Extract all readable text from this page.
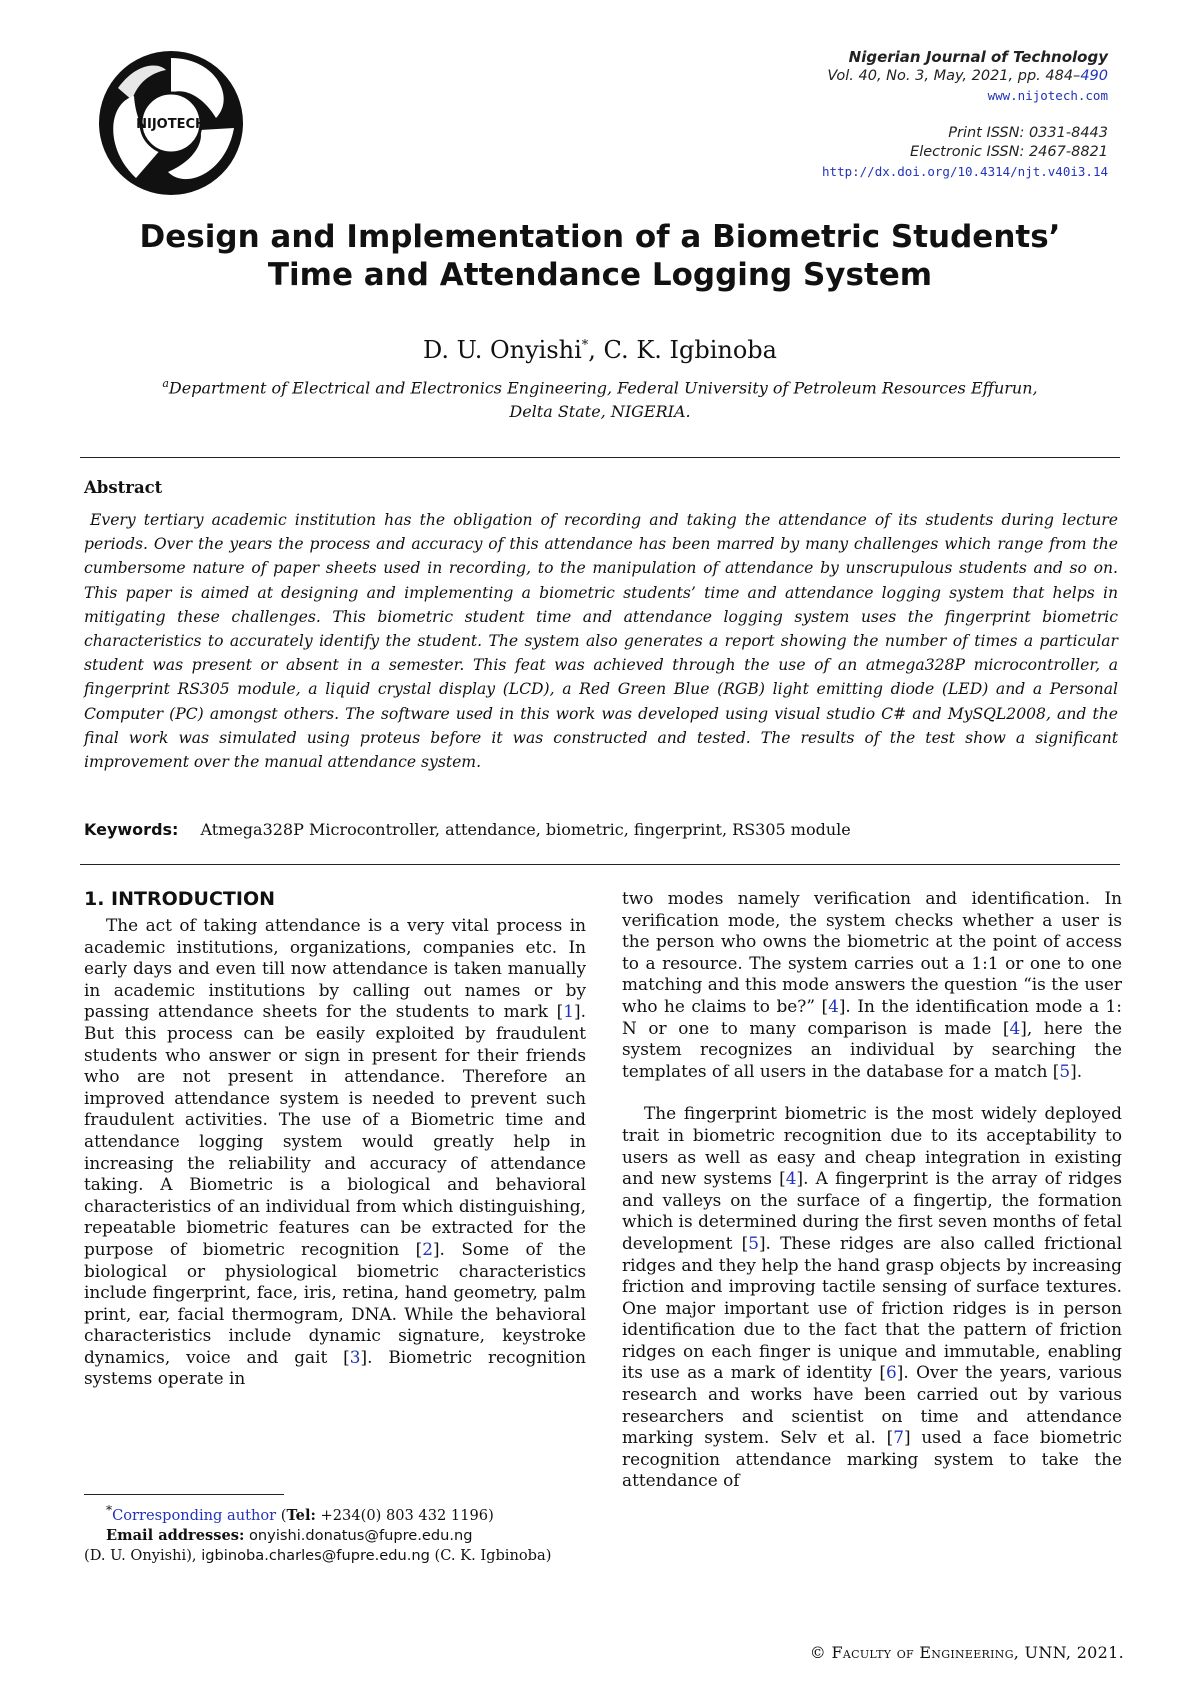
NIJOTECH
Nigerian Journal of Technology
Vol. 40, No. 3, May, 2021, pp. 484–490
www.nijotech.com
Print ISSN: 0331-8443
Electronic ISSN: 2467-8821
http://dx.doi.org/10.4314/njt.v40i3.14
Design and Implementation of a Biometric Students’
Time and Attendance Logging System
D. U. Onyishi*, C. K. Igbinoba
$^a$Department of Electrical and Electronics Engineering, Federal University of Petroleum Resources Effurun,
Delta State, NIGERIA.
Abstract
Every tertiary academic institution has the obligation of recording and taking the attendance of its students during lecture periods. Over the years the process and accuracy of this attendance has been marred by many challenges which range from the cumbersome nature of paper sheets used in recording, to the manipulation of attendance by unscrupulous students and so on. This paper is aimed at designing and implementing a biometric students’ time and attendance logging system that helps in mitigating these challenges. This biometric student time and attendance logging system uses the fingerprint biometric characteristics to accurately identify the student. The system also generates a report showing the number of times a particular student was present or absent in a semester. This feat was achieved through the use of an atmega328P microcontroller, a fingerprint RS305 module, a liquid crystal display (LCD), a Red Green Blue (RGB) light emitting diode (LED) and a Personal Computer (PC) amongst others. The software used in this work was developed using visual studio C# and MySQL2008, and the final work was simulated using proteus before it was constructed and tested. The results of the test show a significant improvement over the manual attendance system.
Keywords: Atmega328P Microcontroller, attendance, biometric, fingerprint, RS305 module
1. INTRODUCTION

The act of taking attendance is a very vital process in academic institutions, organizations, companies etc. In early days and even till now attendance is taken manually in academic institutions by calling out names or by passing attendance sheets for the students to mark [1]. But this process can be easily exploited by fraudulent students who answer or sign in present for their friends who are not present in attendance. Therefore an improved attendance system is needed to prevent such fraudulent activities. The use of a Biometric time and attendance logging system would greatly help in increasing the reliability and accuracy of attendance taking. A Biometric is a biological and behavioral characteristics of an individual from which distinguishing, repeatable biometric features can be extracted for the purpose of biometric recognition [2]. Some of the biological or physiological biometric characteristics include fingerprint, face, iris, retina, hand geometry, palm print, ear, facial thermogram, DNA. While the behavioral characteristics include dynamic signature, keystroke dynamics, voice and gait [3]. Biometric recognition systems operate in

two modes namely verification and identification. In verification mode, the system checks whether a user is the person who owns the biometric at the point of access to a resource. The system carries out a 1:1 or one to one matching and this mode answers the question “is the user who he claims to be?” [4]. In the identification mode a 1: N or one to many comparison is made [4], here the system recognizes an individual by searching the templates of all users in the database for a match [5].

The fingerprint biometric is the most widely deployed trait in biometric recognition due to its acceptability to users as well as easy and cheap integration in existing and new systems [4]. A fingerprint is the array of ridges and valleys on the surface of a fingertip, the formation which is determined during the first seven months of fetal development [5]. These ridges are also called frictional ridges and they help the hand grasp objects by increasing friction and improving tactile sensing of surface textures. One major important use of friction ridges is in person identification due to the fact that the pattern of friction ridges on each finger is unique and immutable, enabling its use as a mark of identity [6]. Over the years, various research and works have been carried out by various researchers and scientist on time and attendance marking system. Selv et al. [7] used a face biometric recognition attendance marking system to take the attendance of

*Corresponding author (Tel: +234(0) 803 432 1196)
Email addresses: onyishi.donatus@fupre.edu.ng
(D. U. Onyishi), igbinoba.charles@fupre.edu.ng (C. K. Igbinoba)
© Faculty of Engineering, UNN, 2021.
